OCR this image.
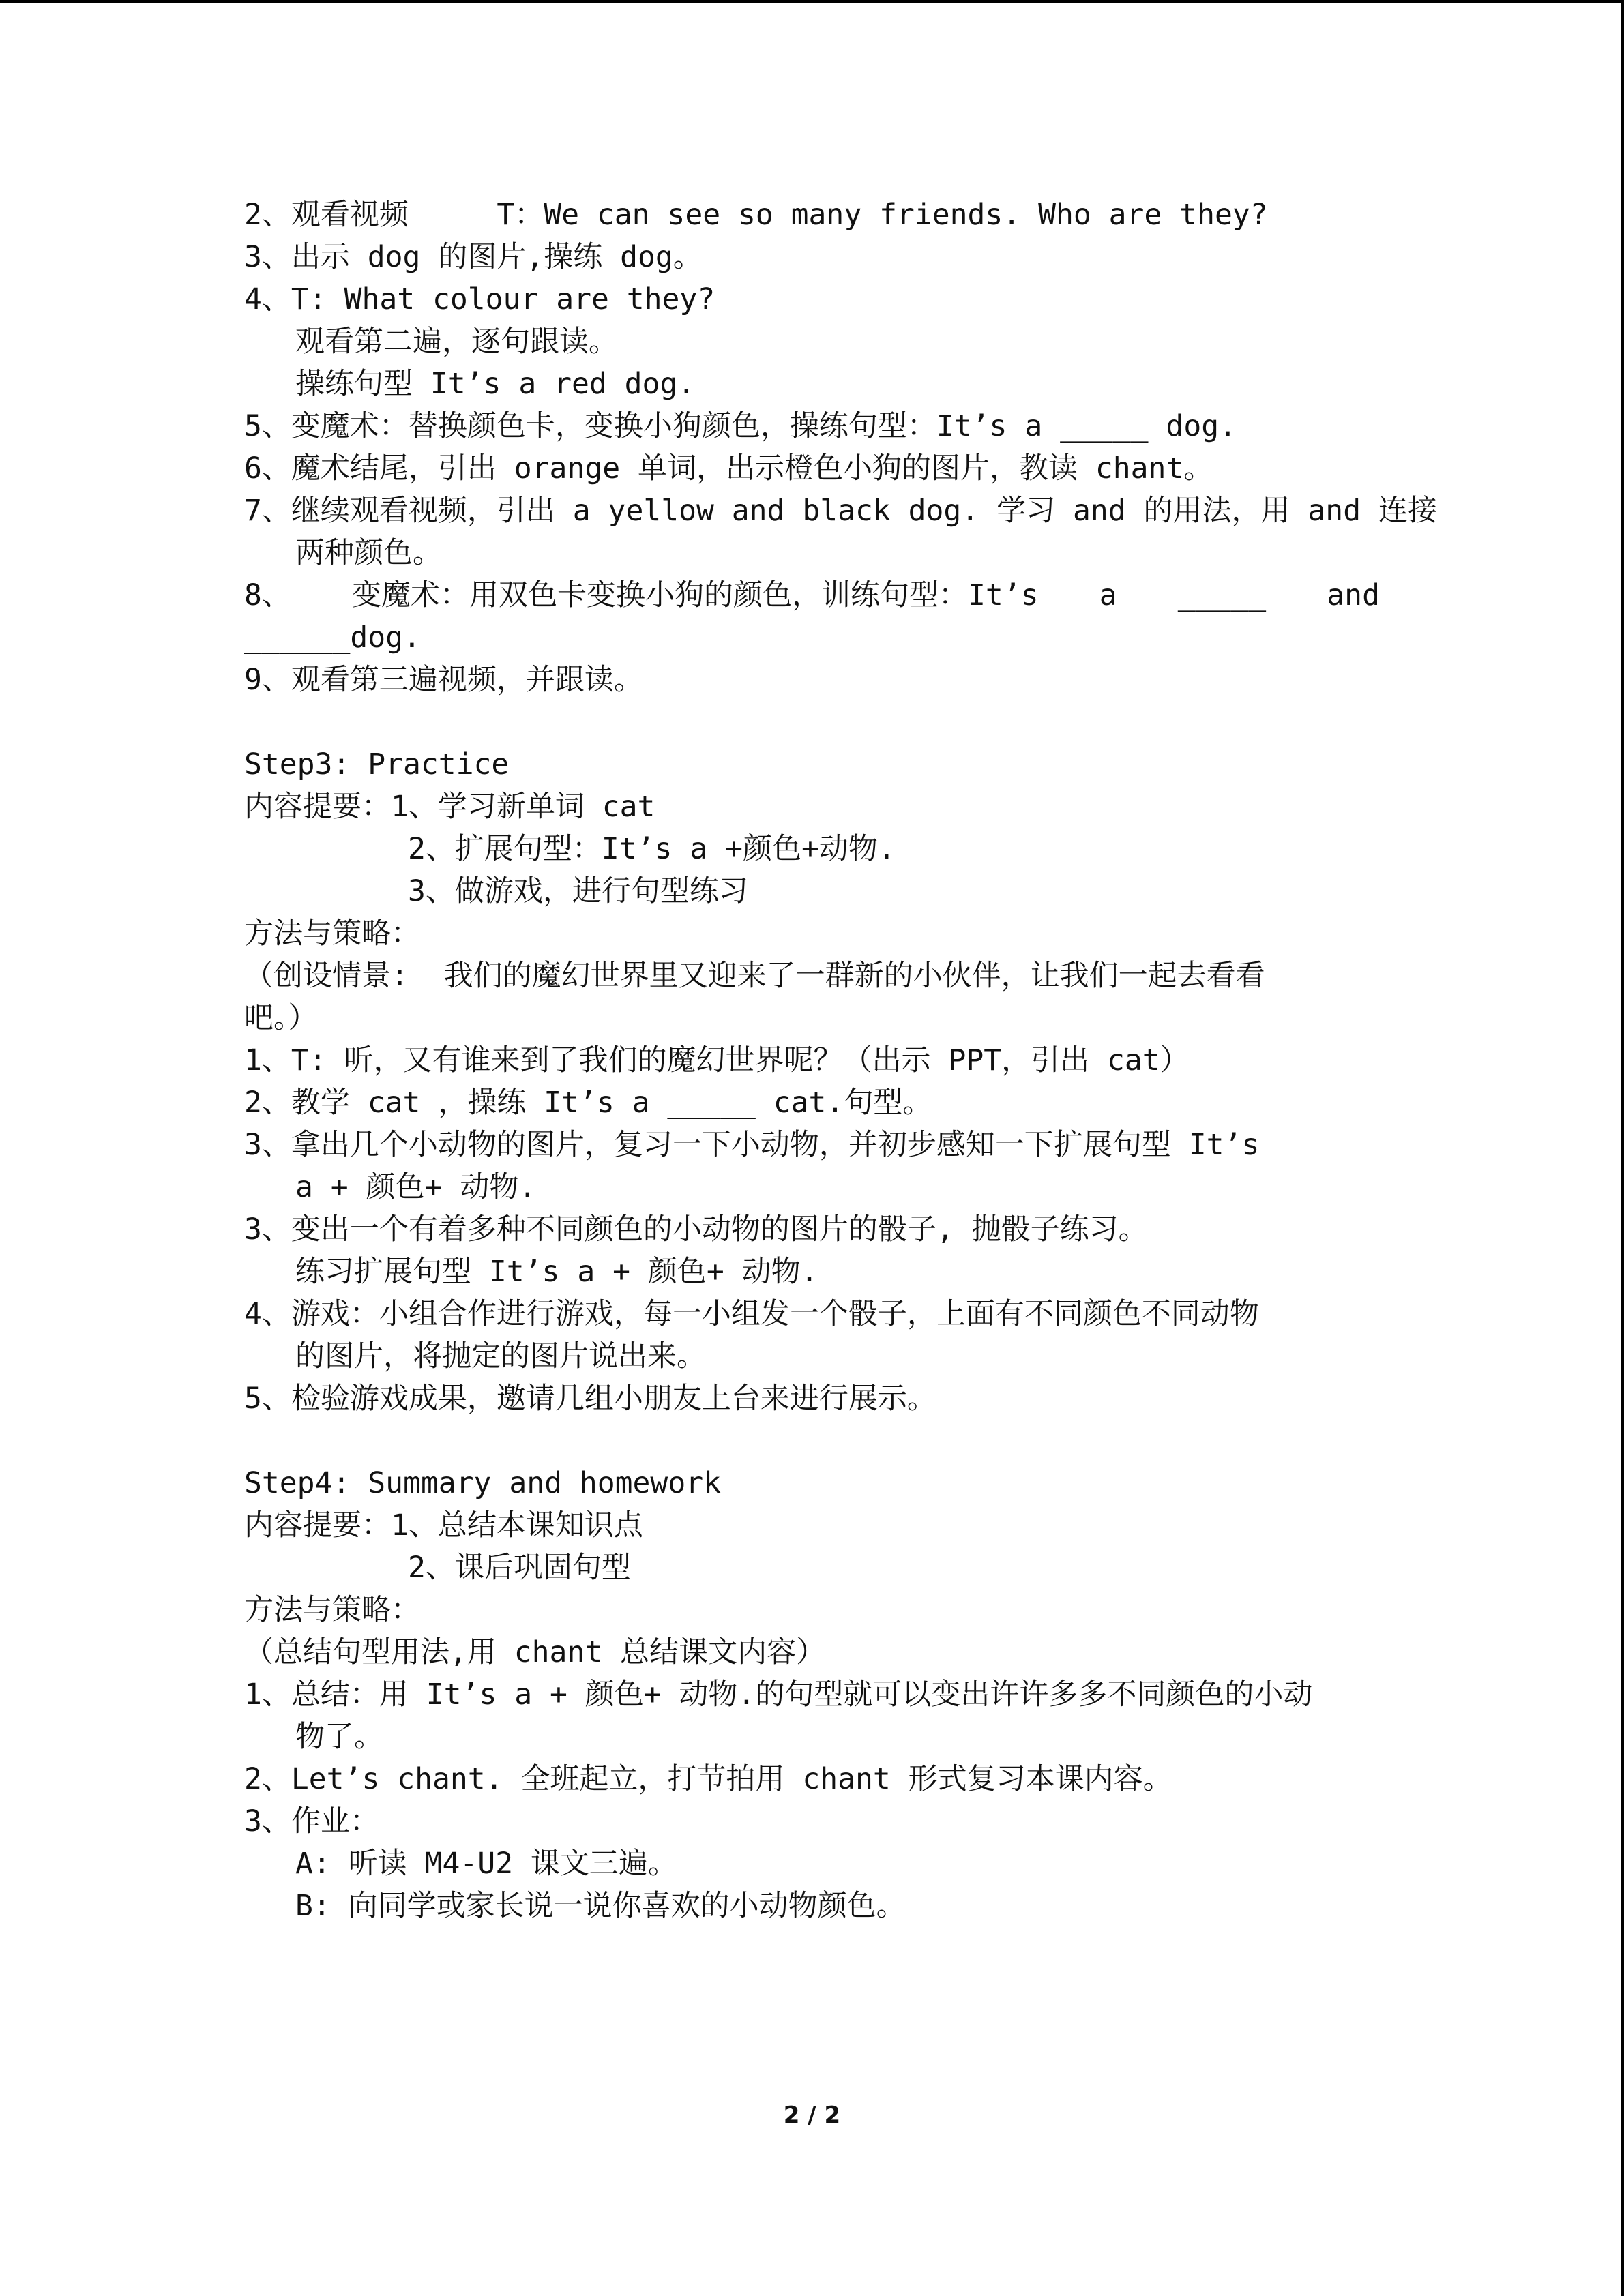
2、观看视频     T：We can see so many friends. Who are they?
3、出示 dog 的图片,操练 dog。
4、T: What colour are they?
观看第二遍，逐句跟读。
操练句型 It’s a red dog.
5、变魔术：替换颜色卡，变换小狗颜色，操练句型：It’s a _____ dog.
6、魔术结尾，引出 orange 单词，出示橙色小狗的图片，教读 chant。
7、继续观看视频，引出 a yellow and black dog. 学习 and 的用法，用 and 连接
两种颜色。
8、 变魔术：用双色卡变换小狗的颜色，训练句型：It’s a _____ and
______dog.
9、观看第三遍视频，并跟读。
Step3: Practice
内容提要：1、学习新单词 cat
2、扩展句型：It’s a +颜色+动物.
3、做游戏，进行句型练习
方法与策略：
（创设情景:  我们的魔幻世界里又迎来了一群新的小伙伴，让我们一起去看看
吧。）
1、T: 听，又有谁来到了我们的魔幻世界呢？（出示 PPT，引出 cat）
2、教学 cat ，操练 It’s a _____ cat.句型。
3、拿出几个小动物的图片，复习一下小动物，并初步感知一下扩展句型 It’s
a + 颜色+ 动物.
3、变出一个有着多种不同颜色的小动物的图片的骰子, 抛骰子练习。
练习扩展句型 It’s a + 颜色+ 动物.
4、游戏：小组合作进行游戏，每一小组发一个骰子，上面有不同颜色不同动物
的图片，将抛定的图片说出来。
5、检验游戏成果，邀请几组小朋友上台来进行展示。
Step4: Summary and homework
内容提要：1、总结本课知识点
2、课后巩固句型
方法与策略：
（总结句型用法,用 chant 总结课文内容）
1、总结：用 It’s a + 颜色+ 动物.的句型就可以变出许许多多不同颜色的小动
物了。
2、Let’s chant. 全班起立，打节拍用 chant 形式复习本课内容。
3、作业：
A: 听读 M4-U2 课文三遍。
B: 向同学或家长说一说你喜欢的小动物颜色。
2 / 2
